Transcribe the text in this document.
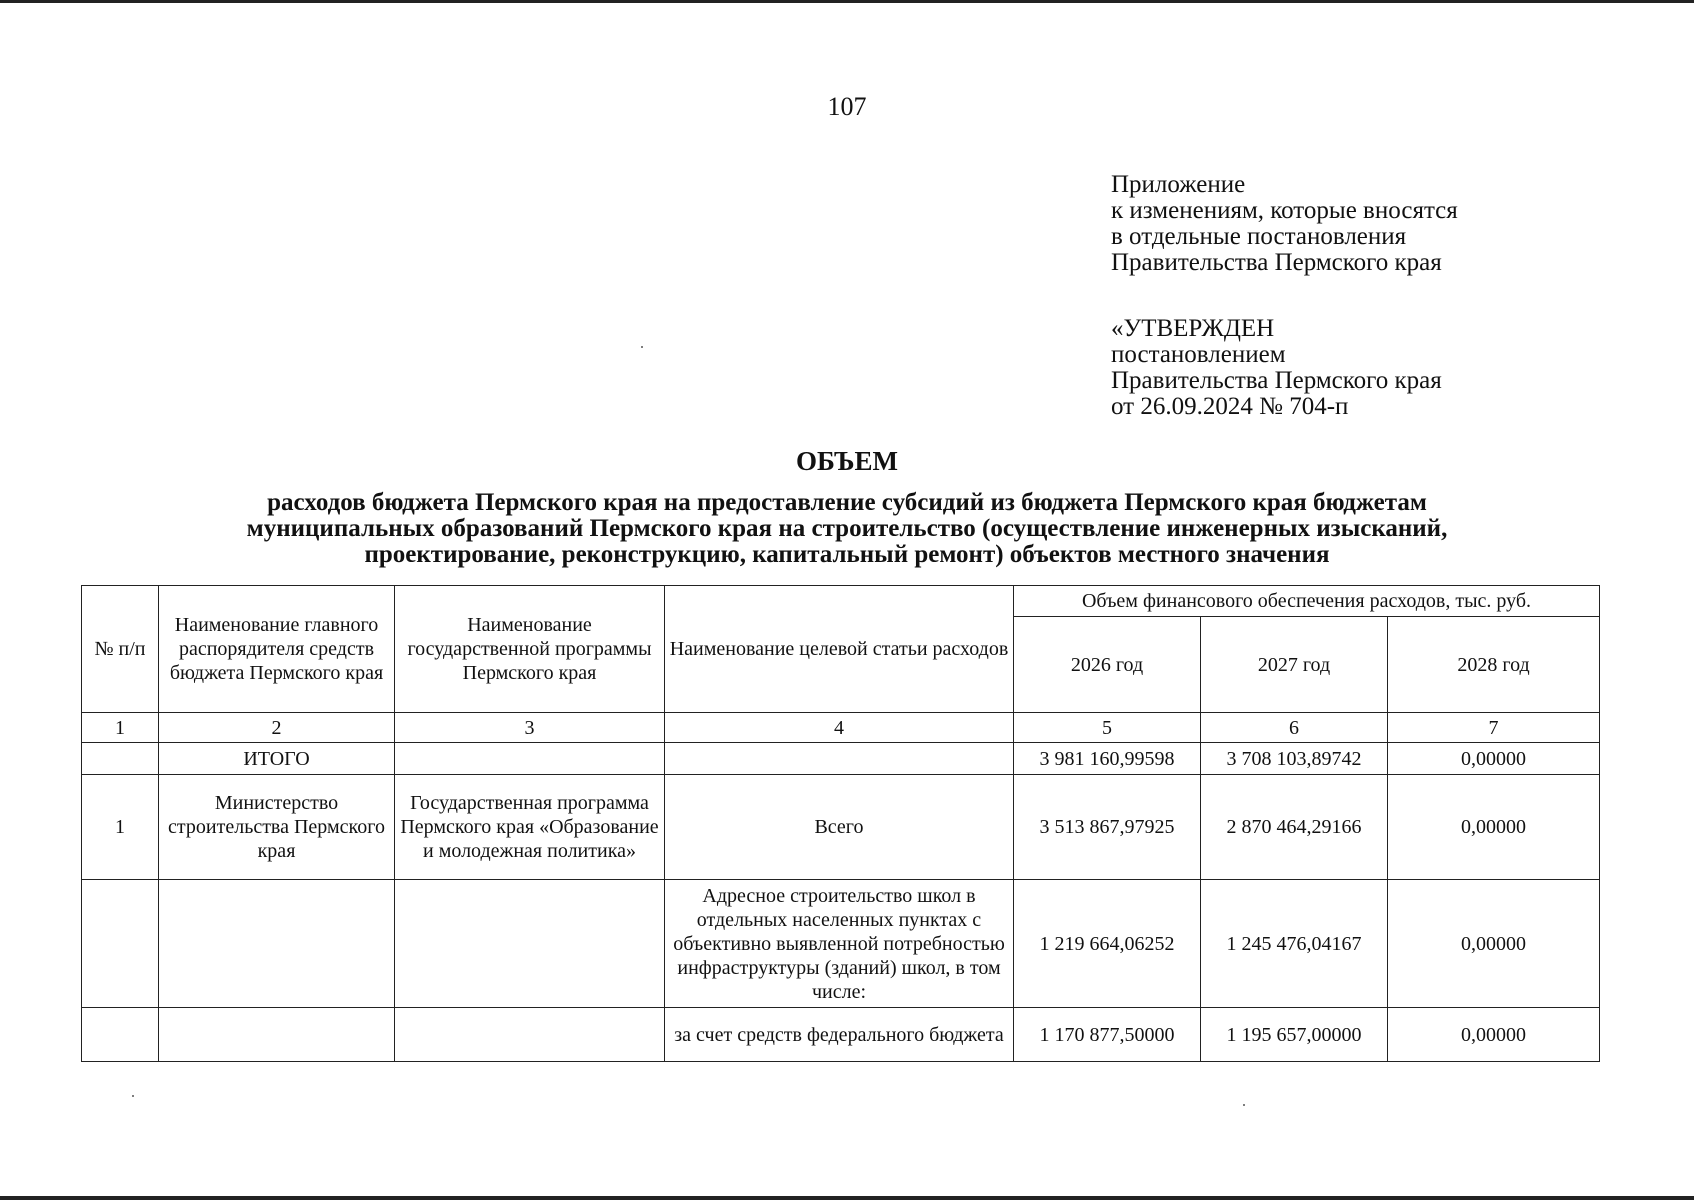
107
Приложение
к изменениям, которые вносятся
в отдельные постановления
Правительства Пермского края
«УТВЕРЖДЕН
постановлением
Правительства Пермского края
от 26.09.2024 № 704-п
ОБЪЕМ
расходов бюджета Пермского края на предоставление субсидий из бюджета Пермского края бюджетам
муниципальных образований Пермского края на строительство (осуществление инженерных изысканий,
проектирование, реконструкцию, капитальный ремонт) объектов местного значения
№ п/п	Наименование главного распорядителя средств бюджета Пермского края	Наименование государственной программы Пермского края	Наименование целевой статьи расходов	Объем финансового обеспечения расходов, тыс. руб.		
				2026 год	2027 год	2028 год
1	2	3	4	5	6	7
	ИТОГО			3 981 160,99598	3 708 103,89742	0,00000
1	Министерство строительства Пермского края	Государственная программа Пермского края «Образование и молодежная политика»	Всего	3 513 867,97925	2 870 464,29166	0,00000
			Адресное строительство школ в отдельных населенных пунктах с объективно выявленной потребностью инфраструктуры (зданий) школ, в том числе:	1 219 664,06252	1 245 476,04167	0,00000
			за счет средств федерального бюджета	1 170 877,50000	1 195 657,00000	0,00000
